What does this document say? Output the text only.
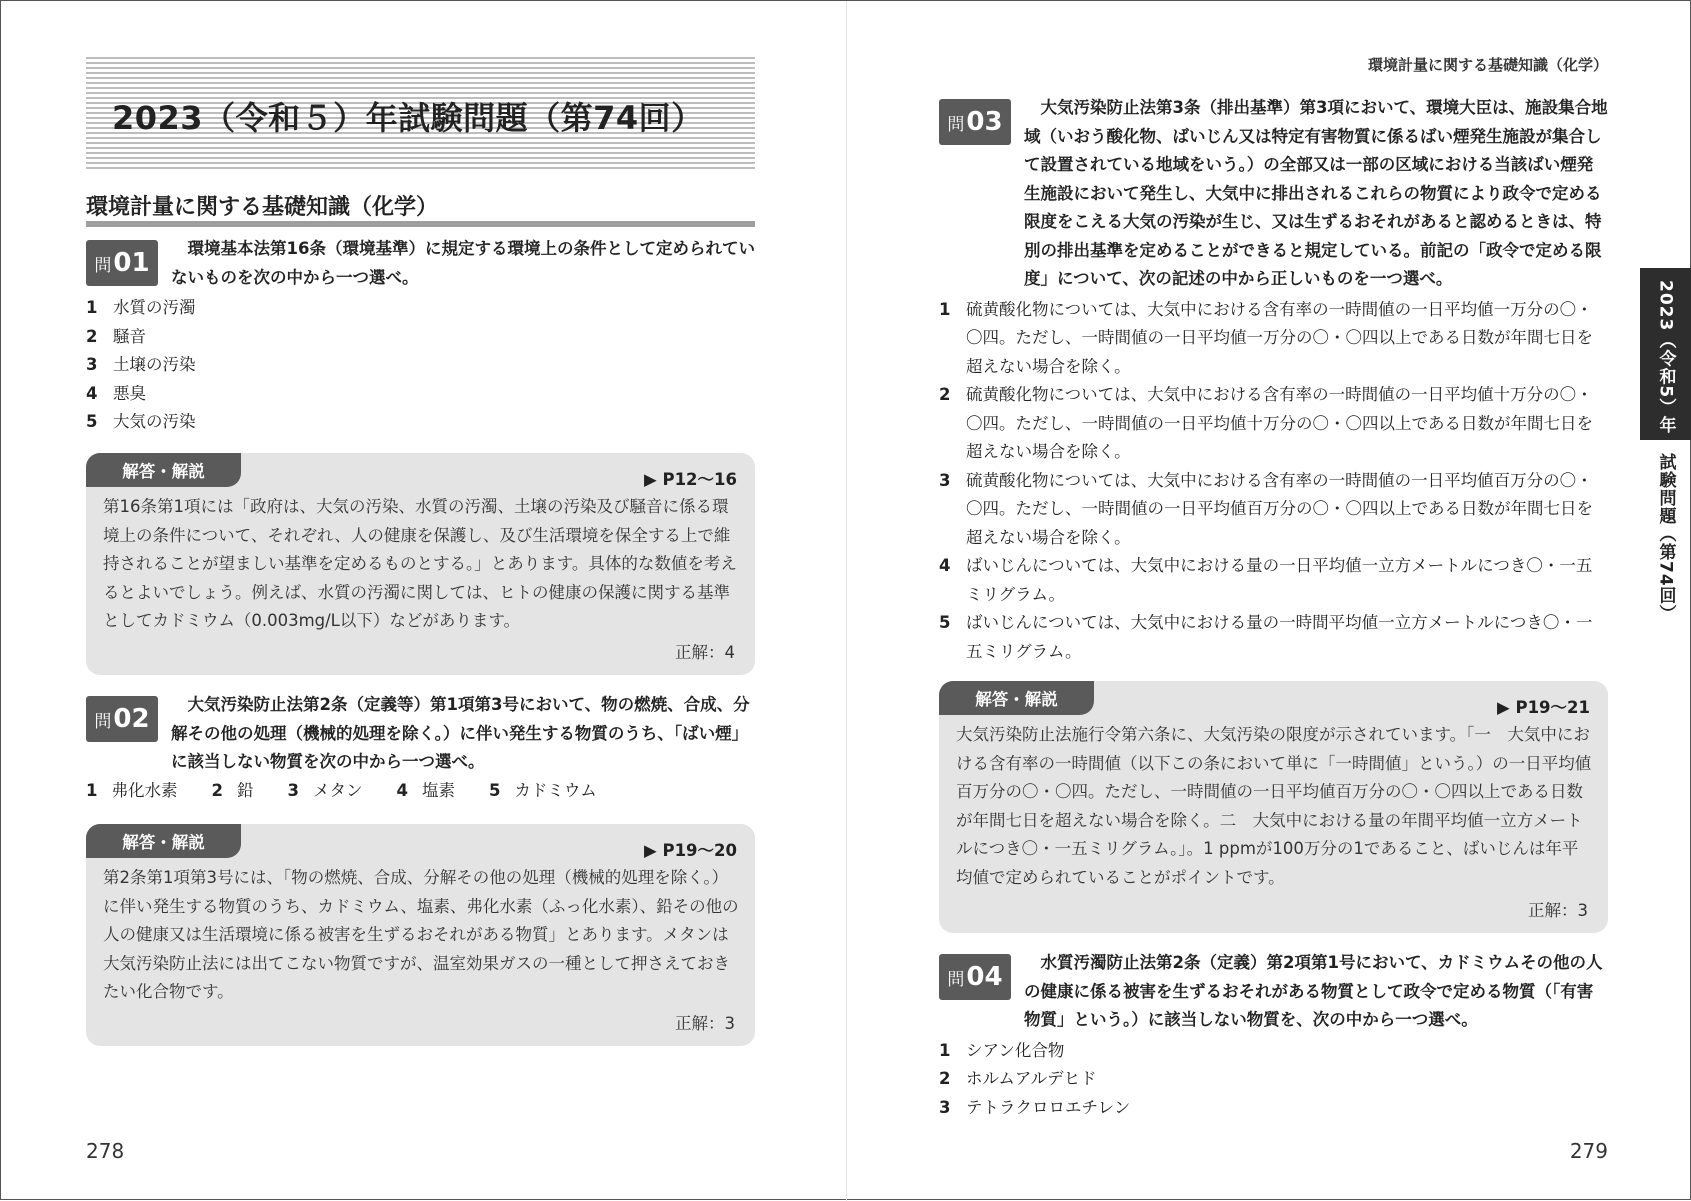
2023（令和５）年試験問題（第74回）
環境計量に関する基礎知識（化学）
問 01	環境基本法第16条（環境基準）に規定する環境上の条件として定められていないものを次の中から一つ選べ。
1 水質の汚濁
2 騒音
3 土壌の汚染
4 悪臭
5 大気の汚染
解答・解説	▶ P12〜16
第16条第1項には「政府は、大気の汚染、水質の汚濁、土壌の汚染及び騒音に係る環境上の条件について、それぞれ、人の健康を保護し、及び生活環境を保全する上で維持されることが望ましい基準を定めるものとする。」とあります。具体的な数値を考えるとよいでしょう。例えば、水質の汚濁に関しては、ヒトの健康の保護に関する基準としてカドミウム（0.003mg/L以下）などがあります。
正解：4
問 02	大気汚染防止法第2条（定義等）第1項第3号において、物の燃焼、合成、分解その他の処理（機械的処理を除く。）に伴い発生する物質のうち、「ばい煙」に該当しない物質を次の中から一つ選べ。
1 弗化水素 2 鉛 3 メタン 4 塩素 5 カドミウム
解答・解説	▶ P19〜20
第2条第1項第3号には、「物の燃焼、合成、分解その他の処理（機械的処理を除く。）に伴い発生する物質のうち、カドミウム、塩素、弗化水素（ふっ化水素）、鉛その他の人の健康又は生活環境に係る被害を生ずるおそれがある物質」とあります。メタンは大気汚染防止法には出てこない物質ですが、温室効果ガスの一種として押さえておきたい化合物です。
正解：3
278
環境計量に関する基礎知識（化学）
問 03	大気汚染防止法第3条（排出基準）第3項において、環境大臣は、施設集合地域（いおう酸化物、ばいじん又は特定有害物質に係るばい煙発生施設が集合して設置されている地域をいう。）の全部又は一部の区域における当該ばい煙発生施設において発生し、大気中に排出されるこれらの物質により政令で定める限度をこえる大気の汚染が生じ、又は生ずるおそれがあると認めるときは、特別の排出基準を定めることができると規定している。前記の「政令で定める限度」について、次の記述の中から正しいものを一つ選べ。
1 硫黄酸化物については、大気中における含有率の一時間値の一日平均値一万分の〇・〇四。ただし、一時間値の一日平均値一万分の〇・〇四以上である日数が年間七日を超えない場合を除く。
2 硫黄酸化物については、大気中における含有率の一時間値の一日平均値十万分の〇・〇四。ただし、一時間値の一日平均値十万分の〇・〇四以上である日数が年間七日を超えない場合を除く。
3 硫黄酸化物については、大気中における含有率の一時間値の一日平均値百万分の〇・〇四。ただし、一時間値の一日平均値百万分の〇・〇四以上である日数が年間七日を超えない場合を除く。
4 ばいじんについては、大気中における量の一日平均値一立方メートルにつき〇・一五ミリグラム。
5 ばいじんについては、大気中における量の一時間平均値一立方メートルにつき〇・一五ミリグラム。
解答・解説	▶ P19〜21
大気汚染防止法施行令第六条に、大気汚染の限度が示されています。「一　大気中における含有率の一時間値（以下この条において単に「一時間値」という。）の一日平均値百万分の〇・〇四。ただし、一時間値の一日平均値百万分の〇・〇四以上である日数が年間七日を超えない場合を除く。二　大気中における量の年間平均値一立方メートルにつき〇・一五ミリグラム。」。1 ppmが100万分の1であること、ばいじんは年平均値で定められていることがポイントです。
正解：3
問 04	水質汚濁防止法第2条（定義）第2項第1号において、カドミウムその他の人の健康に係る被害を生ずるおそれがある物質として政令で定める物質（「有害物質」という。）に該当しない物質を、次の中から一つ選べ。
1 シアン化合物
2 ホルムアルデヒド
3 テトラクロロエチレン
279
2023（令和5）年
試験問題（第74回）
